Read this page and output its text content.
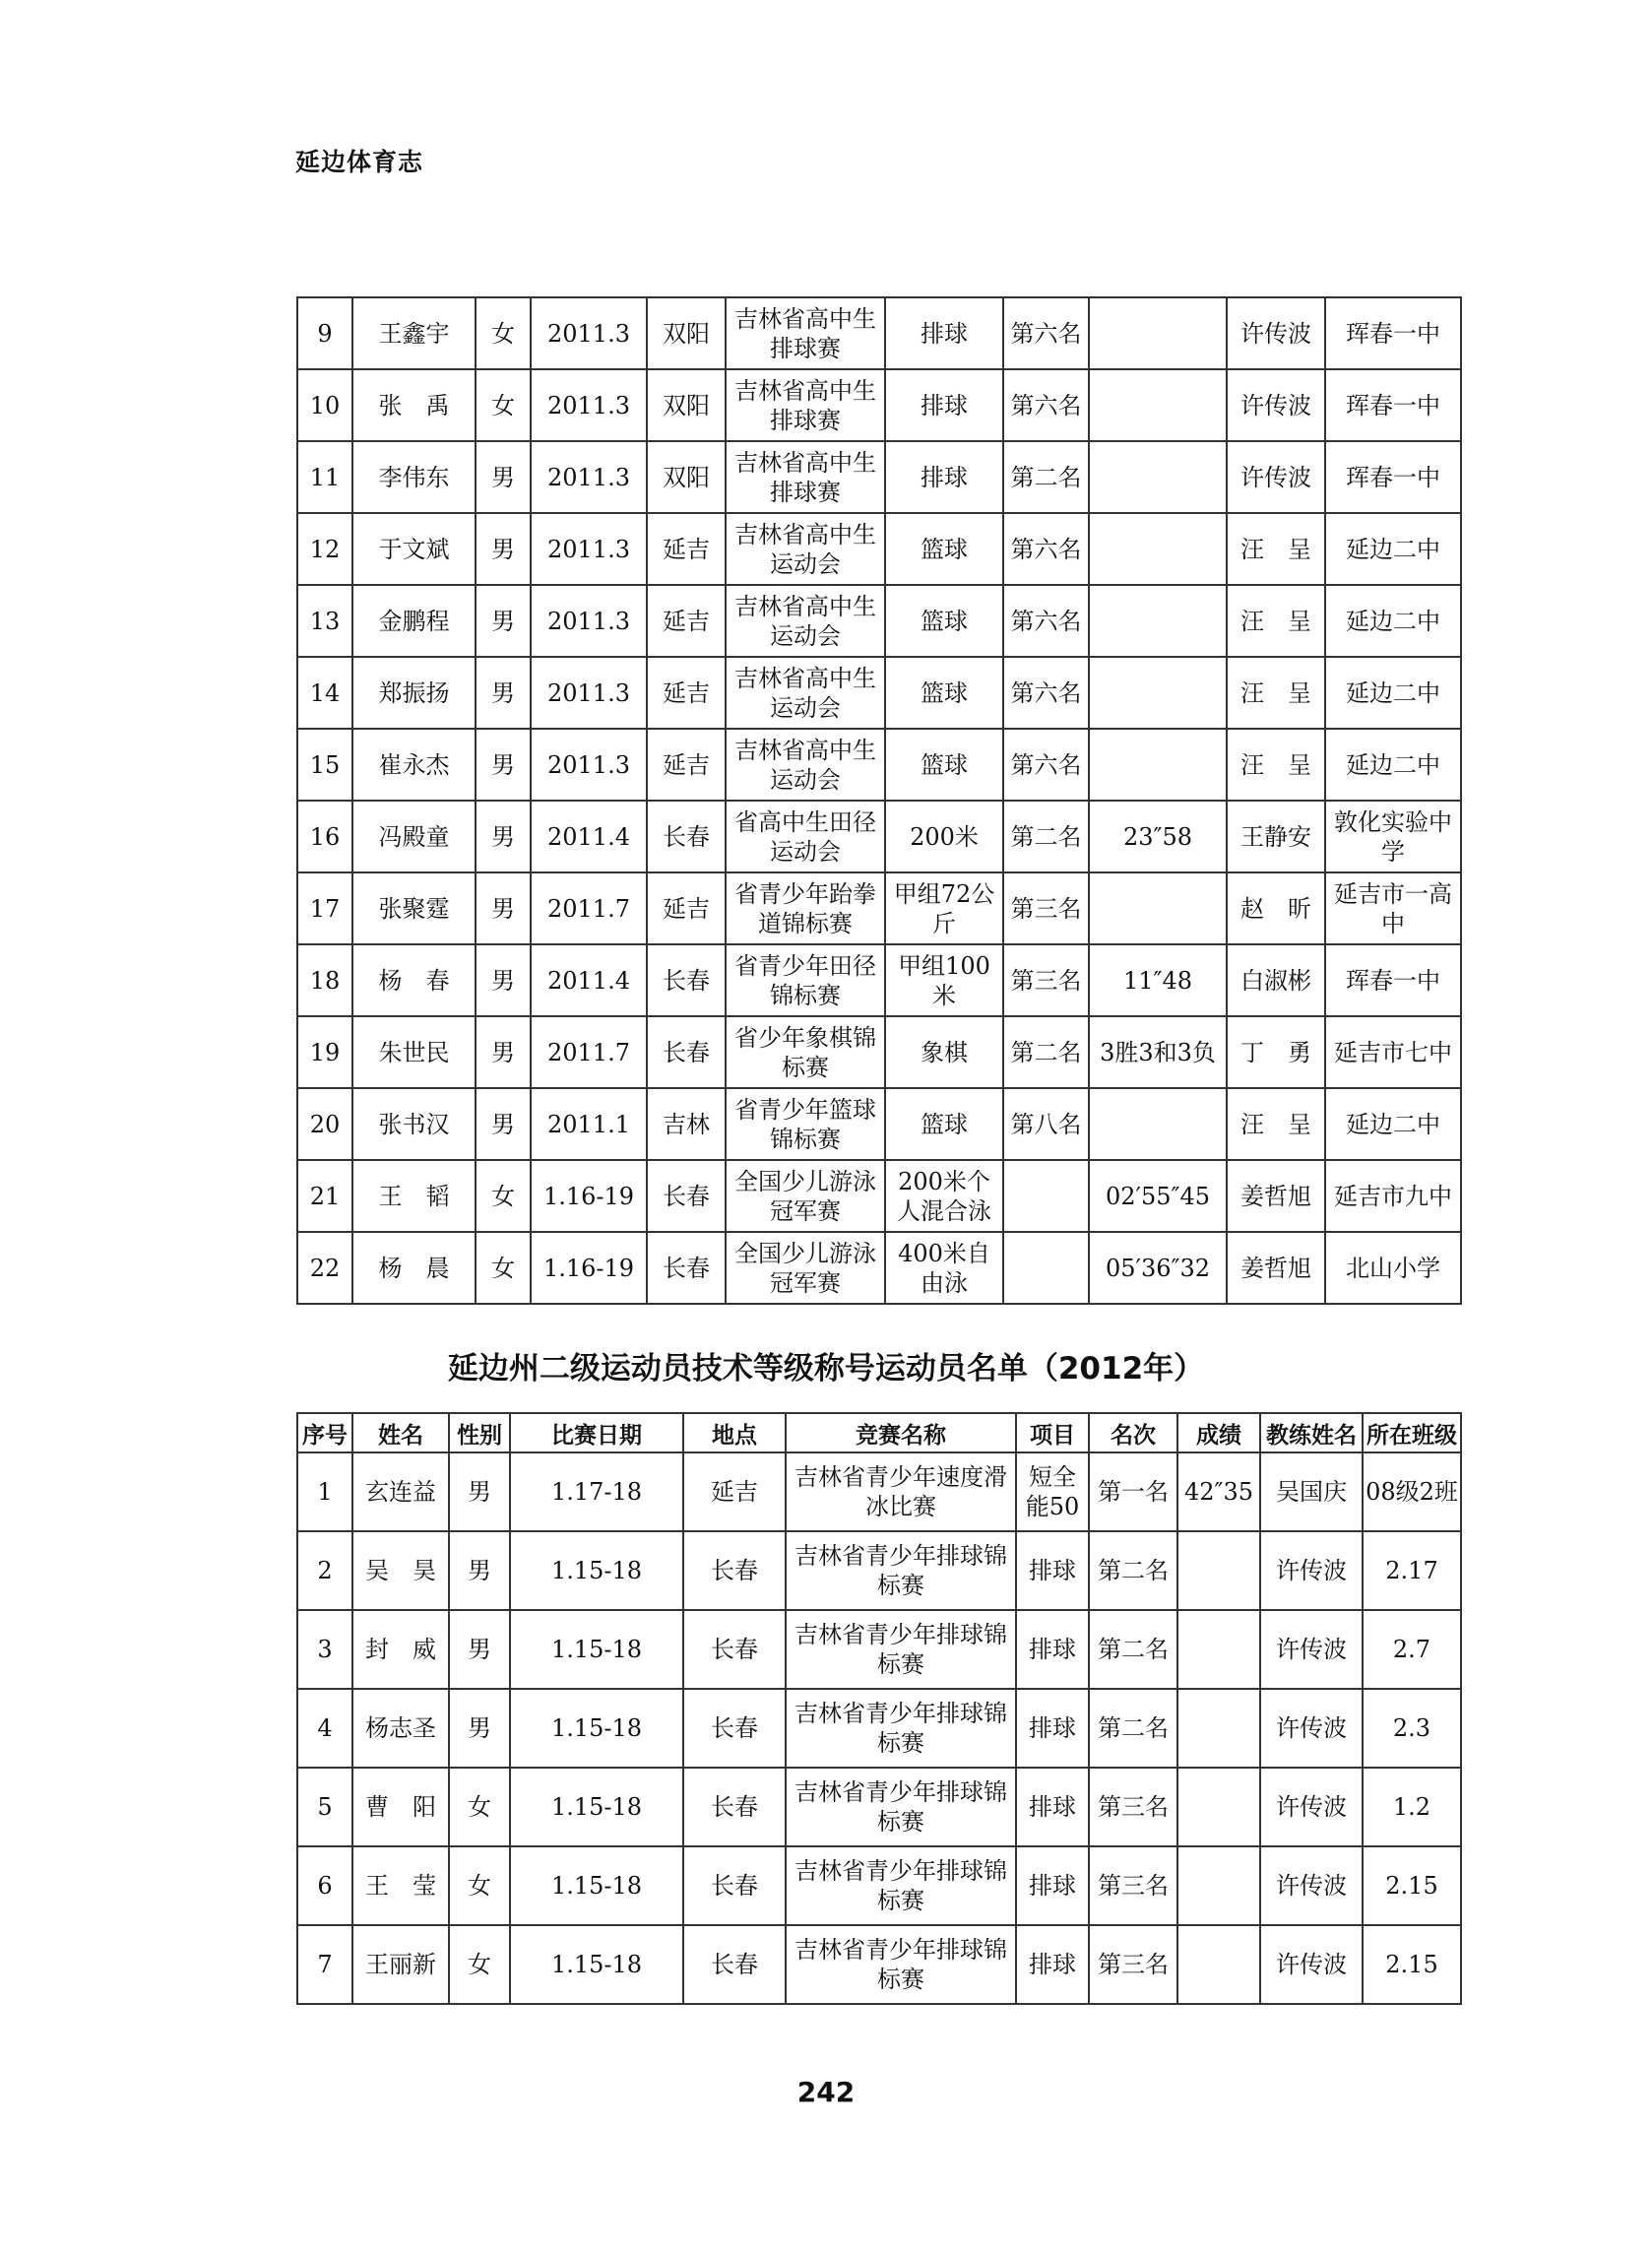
延边体育志
9	王鑫宇	女	2011.3	双阳	吉林省高中生排球赛	排球	第六名		许传波	珲春一中
10	张　禹	女	2011.3	双阳	吉林省高中生排球赛	排球	第六名		许传波	珲春一中
11	李伟东	男	2011.3	双阳	吉林省高中生排球赛	排球	第二名		许传波	珲春一中
12	于文斌	男	2011.3	延吉	吉林省高中生运动会	篮球	第六名		汪　呈	延边二中
13	金鹏程	男	2011.3	延吉	吉林省高中生运动会	篮球	第六名		汪　呈	延边二中
14	郑振扬	男	2011.3	延吉	吉林省高中生运动会	篮球	第六名		汪　呈	延边二中
15	崔永杰	男	2011.3	延吉	吉林省高中生运动会	篮球	第六名		汪　呈	延边二中
16	冯殿童	男	2011.4	长春	省高中生田径运动会	200米	第二名	23″58	王静安	敦化实验中学
17	张聚霆	男	2011.7	延吉	省青少年跆拳道锦标赛	甲组72公斤	第三名		赵　昕	延吉市一高中
18	杨　春	男	2011.4	长春	省青少年田径锦标赛	甲组100米	第三名	11″48	白淑彬	珲春一中
19	朱世民	男	2011.7	长春	省少年象棋锦标赛	象棋	第二名	3胜3和3负	丁　勇	延吉市七中
20	张书汉	男	2011.1	吉林	省青少年篮球锦标赛	篮球	第八名		汪　呈	延边二中
21	王　韬	女	1.16-19	长春	全国少儿游泳冠军赛	200米个人混合泳		02′55″45	姜哲旭	延吉市九中
22	杨　晨	女	1.16-19	长春	全国少儿游泳冠军赛	400米自由泳		05′36″32	姜哲旭	北山小学
延边州二级运动员技术等级称号运动员名单（2012年）
序号	姓名	性别	比赛日期	地点	竞赛名称	项目	名次	成绩	教练姓名	所在班级
1	玄连益	男	1.17-18	延吉	吉林省青少年速度滑冰比赛	短全能50	第一名	42″35	吴国庆	08级2班
2	吴　昊	男	1.15-18	长春	吉林省青少年排球锦标赛	排球	第二名		许传波	2.17
3	封　威	男	1.15-18	长春	吉林省青少年排球锦标赛	排球	第二名		许传波	2.7
4	杨志圣	男	1.15-18	长春	吉林省青少年排球锦标赛	排球	第二名		许传波	2.3
5	曹　阳	女	1.15-18	长春	吉林省青少年排球锦标赛	排球	第三名		许传波	1.2
6	王　莹	女	1.15-18	长春	吉林省青少年排球锦标赛	排球	第三名		许传波	2.15
7	王丽新	女	1.15-18	长春	吉林省青少年排球锦标赛	排球	第三名		许传波	2.15
242
